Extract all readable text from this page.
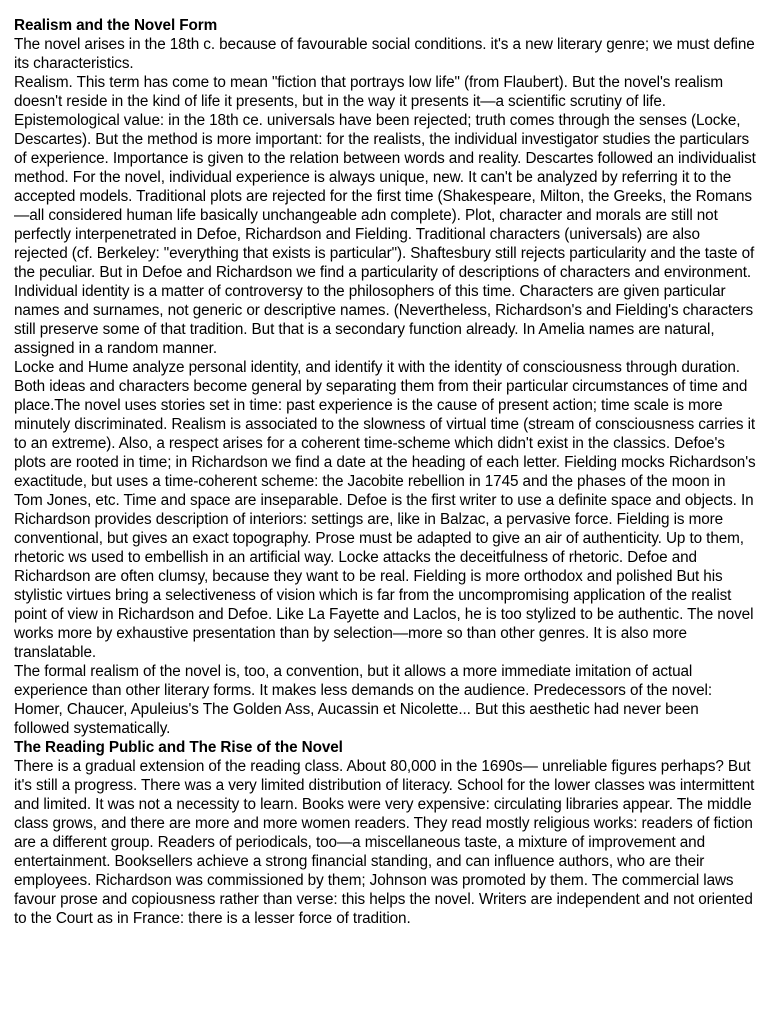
Realism and the Novel Form

The novel arises in the 18th c. because of favourable social conditions. it's a new literary genre; we must define its characteristics.

Realism. This term has come to mean "fiction that portrays low life" (from Flaubert). But the novel's realism doesn't reside in the kind of life it presents, but in the way it presents it—a scientific scrutiny of life. Epistemological value: in the 18th ce. universals have been rejected; truth comes through the senses (Locke, Descartes). But the method is more important: for the realists, the individual investigator studies the particulars of experience. Importance is given to the relation between words and reality. Descartes followed an individualist method. For the novel, individual experience is always unique, new. It can't be analyzed by referring it to the accepted models. Traditional plots are rejected for the first time (Shakespeare, Milton, the Greeks, the Romans—all considered human life basically unchangeable adn complete). Plot, character and morals are still not perfectly interpenetrated in Defoe, Richardson and Fielding. Traditional characters (universals) are also rejected (cf. Berkeley: "everything that exists is particular"). Shaftesbury still rejects particularity and the taste of the peculiar. But in Defoe and Richardson we find a particularity of descriptions of characters and environment. Individual identity is a matter of controversy to the philosophers of this time. Characters are given particular names and surnames, not generic or descriptive names. (Nevertheless, Richardson's and Fielding's characters still preserve some of that tradition. But that is a secondary function already. In Amelia names are natural, assigned in a random manner.

Locke and Hume analyze personal identity, and identify it with the identity of consciousness through duration. Both ideas and characters become general by separating them from their particular circumstances of time and place.The novel uses stories set in time: past experience is the cause of present action; time scale is more minutely discriminated. Realism is associated to the slowness of virtual time (stream of consciousness carries it to an extreme). Also, a respect arises for a coherent time-scheme which didn't exist in the classics. Defoe's plots are rooted in time; in Richardson we find a date at the heading of each letter. Fielding mocks Richardson's exactitude, but uses a time-coherent scheme: the Jacobite rebellion in 1745 and the phases of the moon in Tom Jones, etc. Time and space are inseparable. Defoe is the first writer to use a definite space and objects. In Richardson provides description of interiors: settings are, like in Balzac, a pervasive force. Fielding is more conventional, but gives an exact topography. Prose must be adapted to give an air of authenticity. Up to them, rhetoric ws used to embellish in an artificial way. Locke attacks the deceitfulness of rhetoric. Defoe and Richardson are often clumsy, because they want to be real. Fielding is more orthodox and polished But his stylistic virtues bring a selectiveness of vision which is far from the uncompromising application of the realist point of view in Richardson and Defoe. Like La Fayette and Laclos, he is too stylized to be authentic. The novel works more by exhaustive presentation than by selection—more so than other genres. It is also more translatable.

The formal realism of the novel is, too, a convention, but it allows a more immediate imitation of actual experience than other literary forms. It makes less demands on the audience. Predecessors of the novel: Homer, Chaucer, Apuleius's The Golden Ass, Aucassin et Nicolette... But this aesthetic had never been followed systematically.

The Reading Public and The Rise of the Novel

There is a gradual extension of the reading class. About 80,000 in the 1690s— unreliable figures perhaps? But it's still a progress. There was a very limited distribution of literacy. School for the lower classes was intermittent and limited. It was not a necessity to learn. Books were very expensive: circulating libraries appear. The middle class grows, and there are more and more women readers. They read mostly religious works: readers of fiction are a different group. Readers of periodicals, too—a miscellaneous taste, a mixture of improvement and entertainment. Booksellers achieve a strong financial standing, and can influence authors, who are their employees. Richardson was commissioned by them; Johnson was promoted by them. The commercial laws favour prose and copiousness rather than verse: this helps the novel. Writers are independent and not oriented to the Court as in France: there is a lesser force of tradition.
